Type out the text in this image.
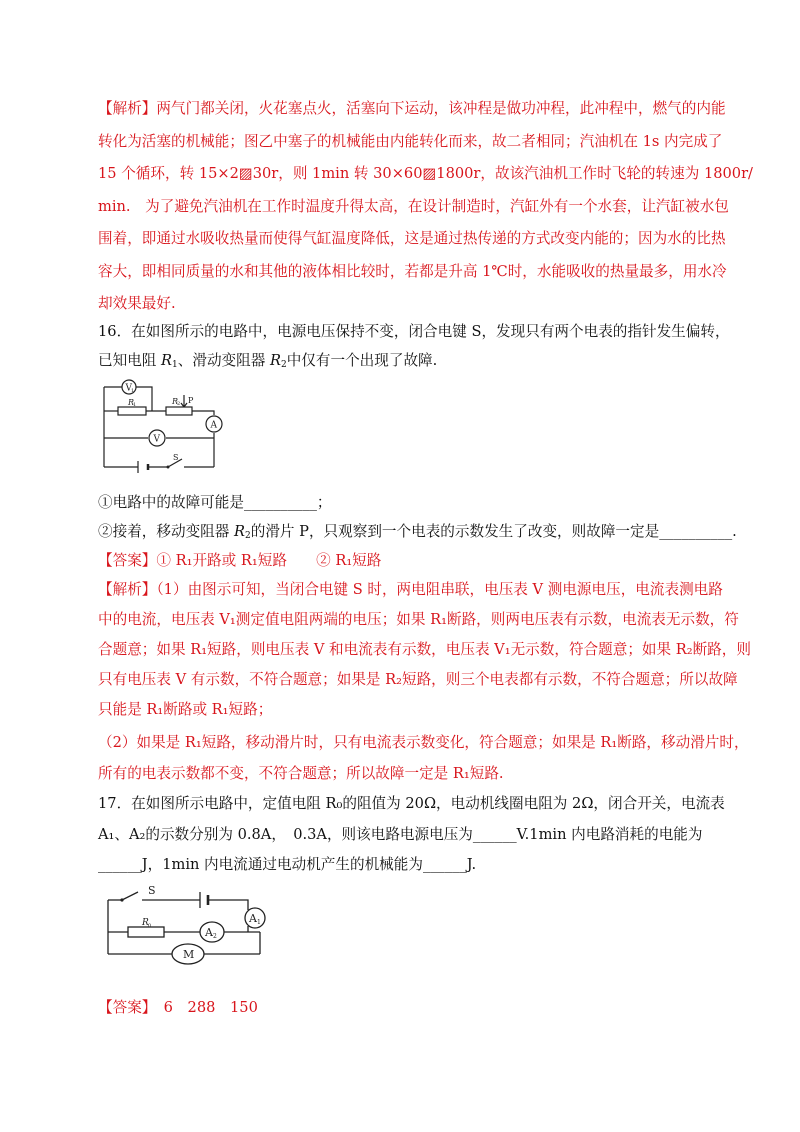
【解析】两气门都关闭，火花塞点火，活塞向下运动，该冲程是做功冲程，此冲程中，燃气的内能
转化为活塞的机械能；图乙中塞子的机械能由内能转化而来，故二者相同；汽油机在 1s 内完成了
15 个循环，转 15×2▨30r，则 1min 转 30×60▨1800r，故该汽油机工作时飞轮的转速为 1800r/
min.　为了避免汽油机在工作时温度升得太高，在设计制造时，汽缸外有一个水套，让汽缸被水包
围着，即通过水吸收热量而使得气缸温度降低，这是通过热传递的方式改变内能的；因为水的比热
容大，即相同质量的水和其他的液体相比较时，若都是升高 1℃时，水能吸收的热量最多，用水冷
却效果最好.
16．在如图所示的电路中，电源电压保持不变，闭合电键 S，发现只有两个电表的指针发生偏转，
已知电阻 $R_1$、滑动变阻器 $R_2$中仅有一个出现了故障.
V 1
R
1	R
2 P
A
V
S
①电路中的故障可能是__________；
②接着，移动变阻器 $R_2$的滑片 P，只观察到一个电表的示数发生了改变，则故障一定是__________.
【答案】① R₁开路或 R₁短路　　② R₁短路
【解析】（1）由图示可知，当闭合电键 S 时，两电阻串联，电压表 V 测电源电压，电流表测电路
中的电流，电压表 V₁测定值电阻两端的电压；如果 R₁断路，则两电压表有示数，电流表无示数，符
合题意；如果 R₁短路，则电压表 V 和电流表有示数，电压表 V₁无示数，符合题意；如果 R₂断路，则
只有电压表 V 有示数，不符合题意；如果是 R₂短路，则三个电表都有示数，不符合题意；所以故障
只能是 R₁断路或 R₁短路；
（2）如果是 R₁短路，移动滑片时，只有电流表示数变化，符合题意；如果是 R₁断路，移动滑片时，
所有的电表示数都不变，不符合题意；所以故障一定是 R₁短路.
17．在如图所示电路中，定值电阻 R₀的阻值为 20Ω，电动机线圈电阻为 2Ω，闭合开关，电流表
A₁、A₂的示数分别为 0.8A，　0.3A，则该电路电源电压为______V.1min 内电路消耗的电能为
______J，1min 内电流通过电动机产生的机械能为______J.
S
A 1
R 0	A 2
M
【答案】　6　288　150
